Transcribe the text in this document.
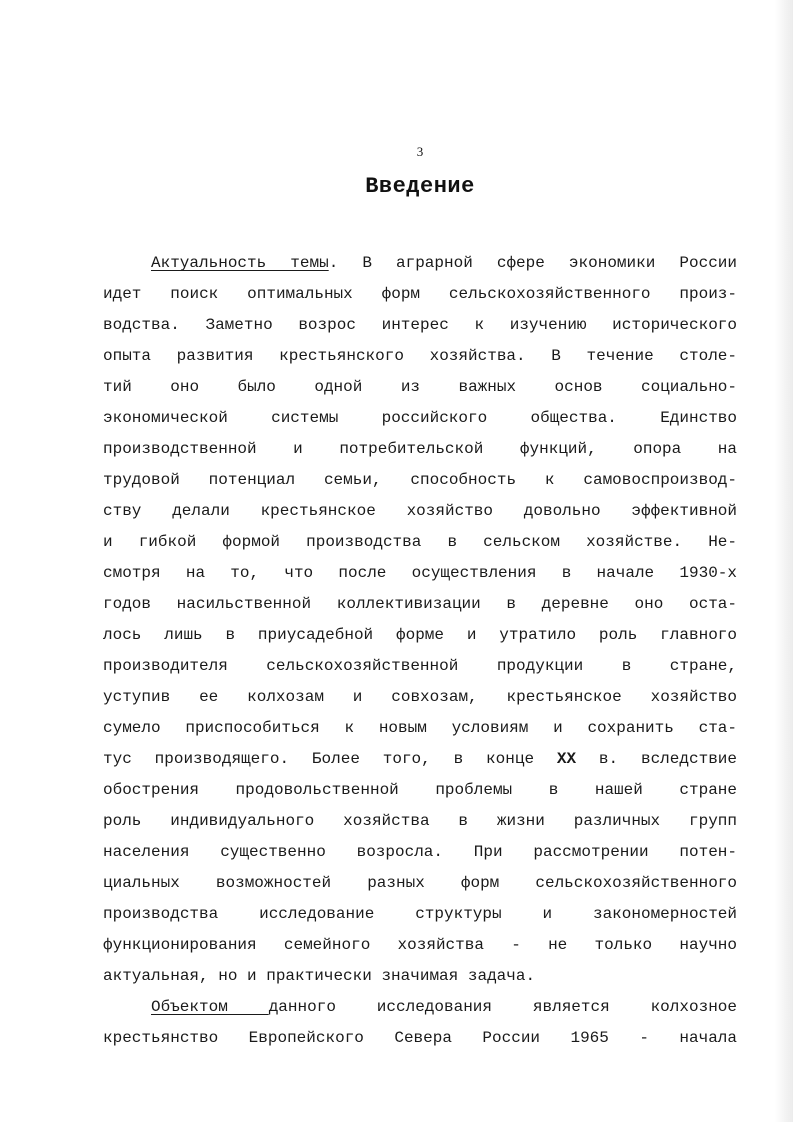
3
Введение
Актуальность темы. В аграрной сфере экономики России
идет поиск оптимальных форм сельскохозяйственного произ-
водства. Заметно возрос интерес к изучению исторического
опыта развития крестьянского хозяйства. В течение столе-
тий оно было одной из важных основ социально-
экономической системы российского общества. Единство
производственной и потребительской функций, опора на
трудовой потенциал семьи, способность к самовоспроизвод-
ству делали крестьянское хозяйство довольно эффективной
и гибкой формой производства в сельском хозяйстве. Не-
смотря на то, что после осуществления в начале 1930-х
годов насильственной коллективизации в деревне оно оста-
лось лишь в приусадебной форме и утратило роль главного
производителя сельскохозяйственной продукции в стране,
уступив ее колхозам и совхозам, крестьянское хозяйство
сумело приспособиться к новым условиям и сохранить ста-
тус производящего. Более того, в конце XX в. вследствие
обострения продовольственной проблемы в нашей стране
роль индивидуального хозяйства в жизни различных групп
населения существенно возросла. При рассмотрении потен-
циальных возможностей разных форм сельскохозяйственного
производства исследование структуры и закономерностей
функционирования семейного хозяйства - не только научно
актуальная, но и практически значимая задача.
Объектом данного исследования является колхозное
крестьянство Европейского Севера России 1965 - начала
